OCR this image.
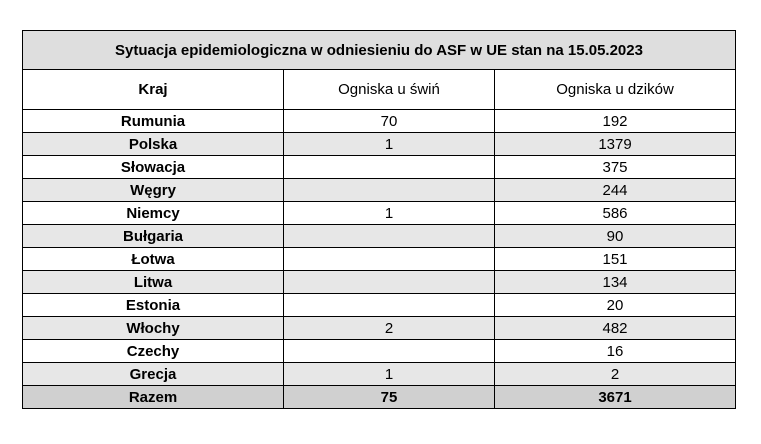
Sytuacja epidemiologiczna w odniesieniu do ASF w UE stan na 15.05.2023		
Kraj	Ogniska u świń	Ogniska u dzików
Rumunia	70	192
Polska	1	1379
Słowacja		375
Węgry		244
Niemcy	1	586
Bułgaria		90
Łotwa		151
Litwa		134
Estonia		20
Włochy	2	482
Czechy		16
Grecja	1	2
Razem	75	3671
